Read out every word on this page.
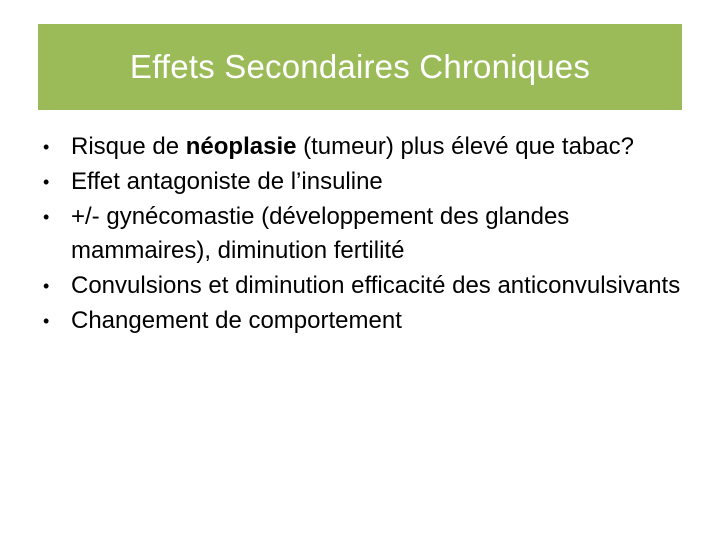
Effets Secondaires Chroniques
• Risque de néoplasie (tumeur) plus élevé que tabac?
• Effet antagoniste de l’insuline
• +/- gynécomastie (développement des glandes mammaires), diminution fertilité
• Convulsions et diminution efficacité des anticonvulsivants
• Changement de comportement
